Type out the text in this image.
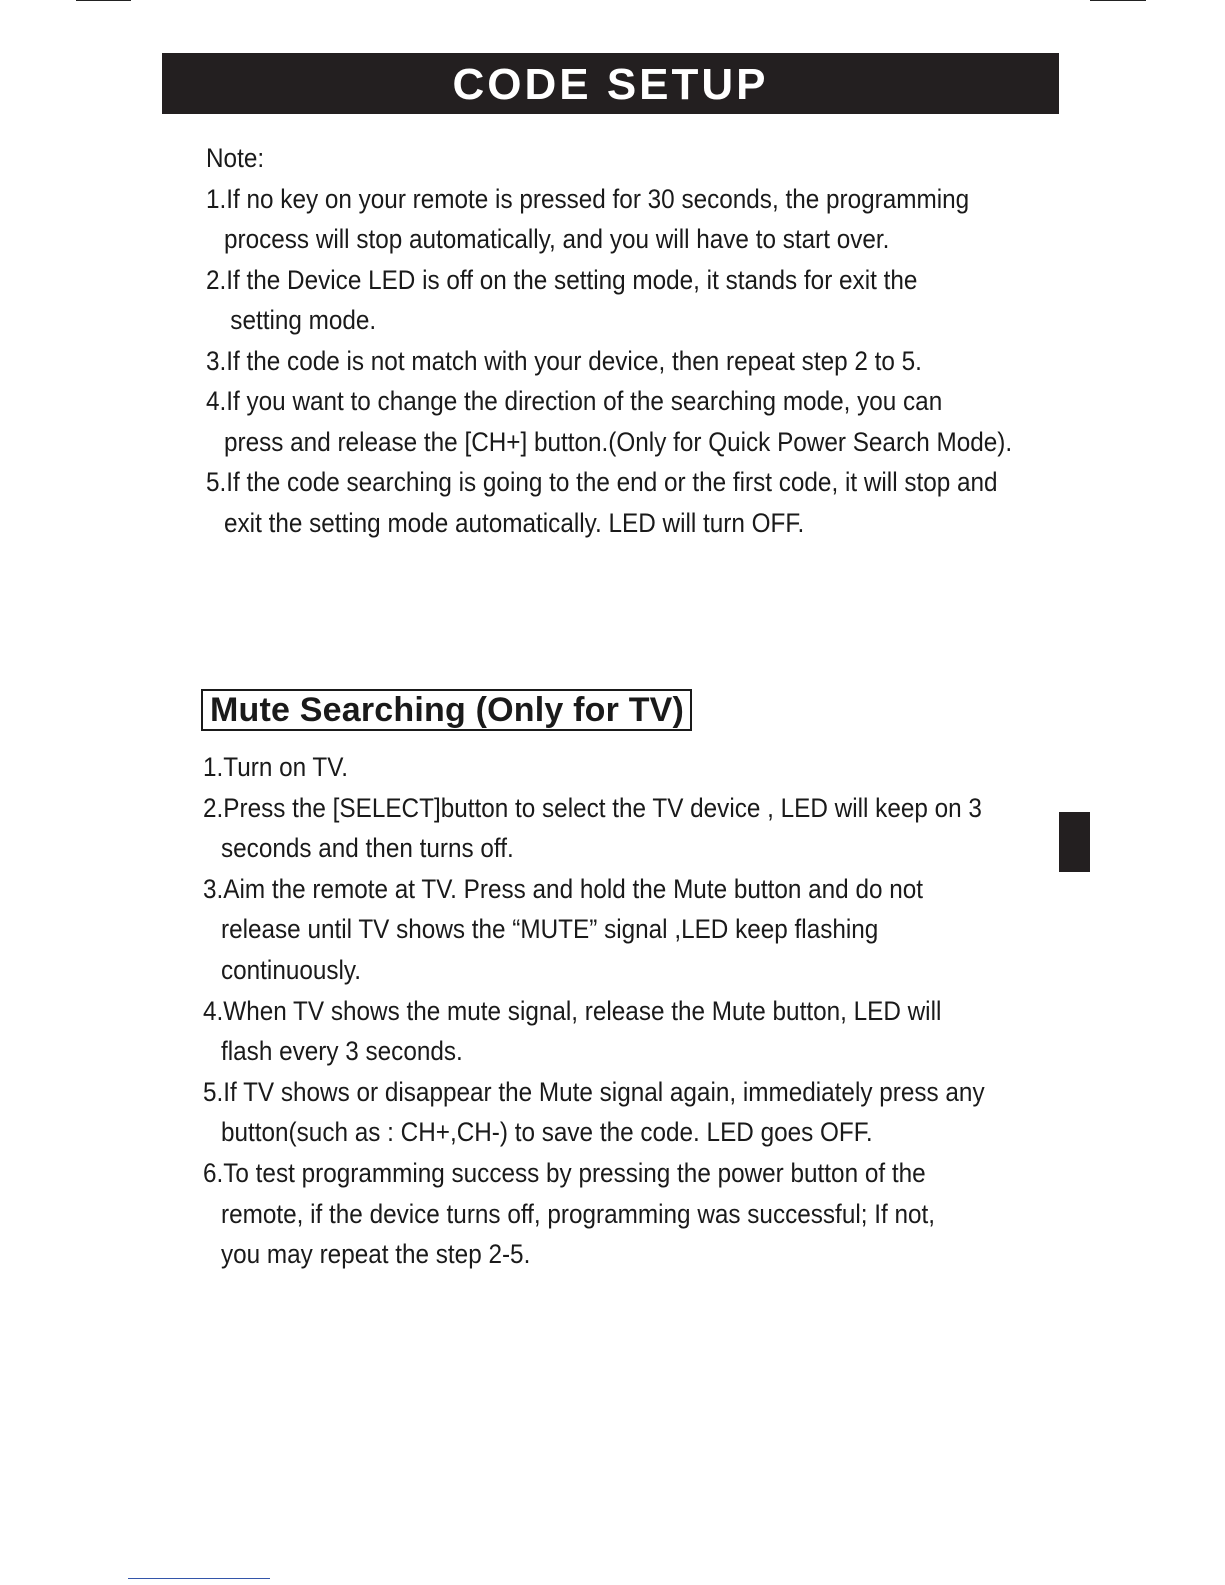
CODE SETUP
Note:
1.If no key on your remote is pressed for 30 seconds, the programming
process will stop automatically, and you will have to start over.
2.If the Device LED is off on the setting mode, it stands for exit the
setting mode.
3.If the code is not match with your device, then repeat step 2 to 5.
4.If you want to change the direction of the searching mode, you can
press and release the [CH+] button.(Only for Quick Power Search Mode).
5.If the code searching is going to the end or the first code, it will stop and
exit the setting mode automatically. LED will turn OFF.
Mute Searching (Only for TV)
1.Turn on TV.
2.Press the [SELECT]button to select the TV device , LED will keep on 3
seconds and then turns off.
3.Aim the remote at TV. Press and hold the Mute button and do not
release until TV shows the “MUTE” signal ,LED keep flashing
continuously.
4.When TV shows the mute signal, release the Mute button, LED will
flash every 3 seconds.
5.If TV shows or disappear the Mute signal again, immediately press any
button(such as : CH+,CH-) to save the code. LED goes OFF.
6.To test programming success by pressing the power button of the
remote, if the device turns off, programming was successful; If not,
you may repeat the step 2-5.
